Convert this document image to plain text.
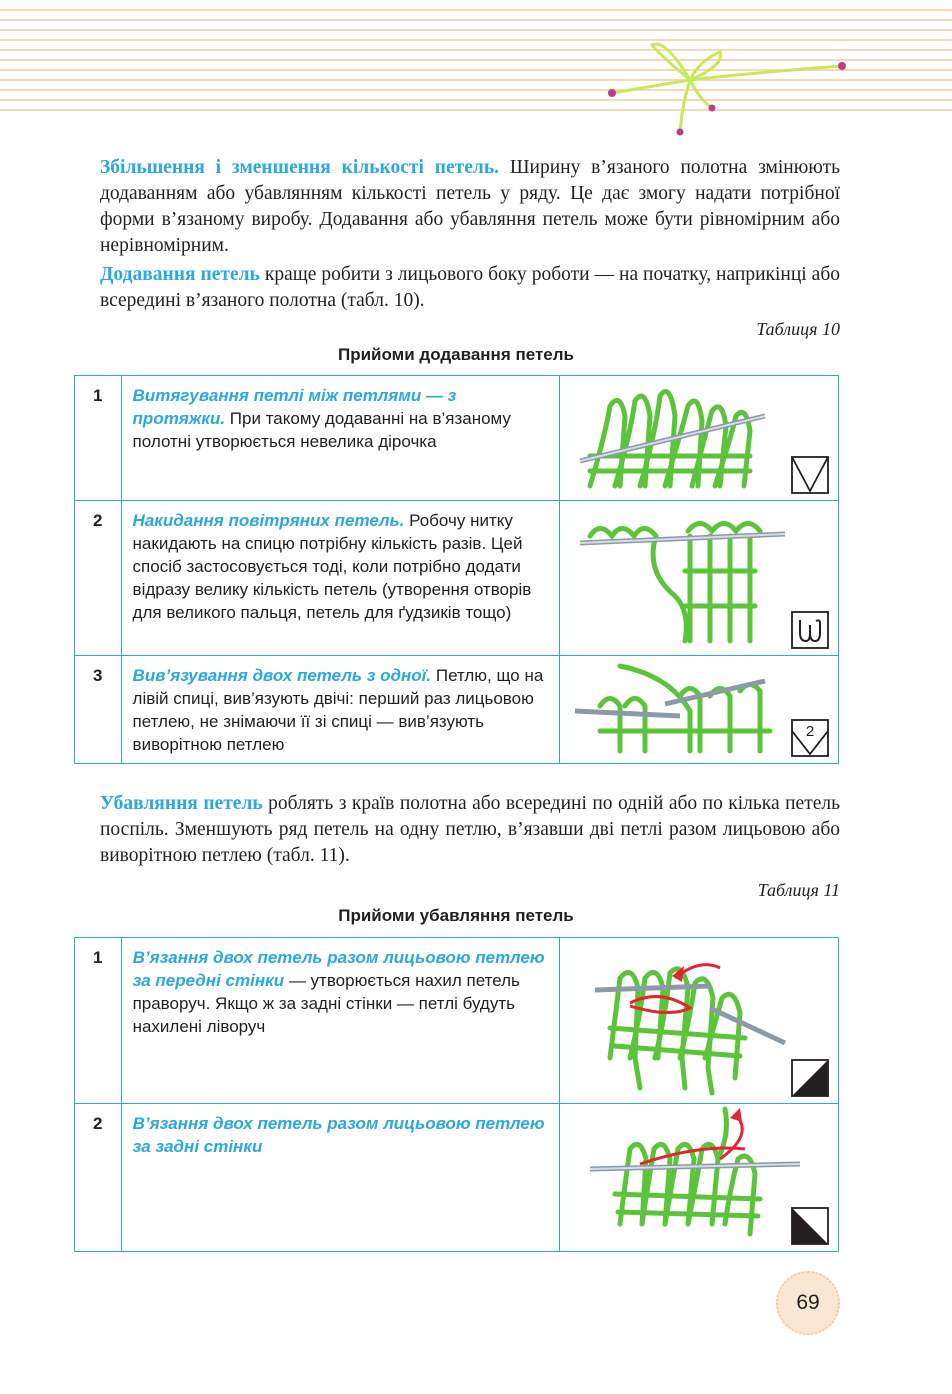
Збільшення і зменшення кількості петель. Ширину в’язаного полотна змінюють додаванням або убавлянням кількості петель у ряду. Це дає змогу надати потрібної форми в’язаному виробу. Додавання або убавляння петель може бути рівномірним або нерівномірним.

Додавання петель краще робити з лицьового боку роботи — на початку, наприкінці або всередині в’язаного полотна (табл. 10).

Таблиця 10
Прийоми додавання петель
1	Витягування петлі між петлями — з протяжки. При такому додаванні на в’язаному полотні утворюється невелика дірочка	

2	Накидання повітряних петель. Робочу нитку накидають на спицю потрібну кількість разів. Цей спосіб застосовується тоді, коли потрібно додати відразу велику кількість петель (утворення отворів для великого пальця, петель для ґудзиків тощо)	

3	Вив’язування двох петель з одної. Петлю, що на лівій спиці, вив’язують двічі: перший раз лицьовою петлею, не знімаючи її зі спиці — вив’язують виворітною петлею	2

Убавляння петель роблять з країв полотна або всередині по одній або по кілька петель поспіль. Зменшують ряд петель на одну петлю, в’язавши дві петлі разом лицьовою або виворітною петлею (табл. 11).

Таблиця 11
Прийоми убавляння петель
1	В’язання двох петель разом лицьовою петлею за передні стінки — утворюється нахил петель праворуч. Якщо ж за задні стінки — петлі будуть нахилені ліворуч	

2	В’язання двох петель разом лицьовою петлею за задні стінки	
69
